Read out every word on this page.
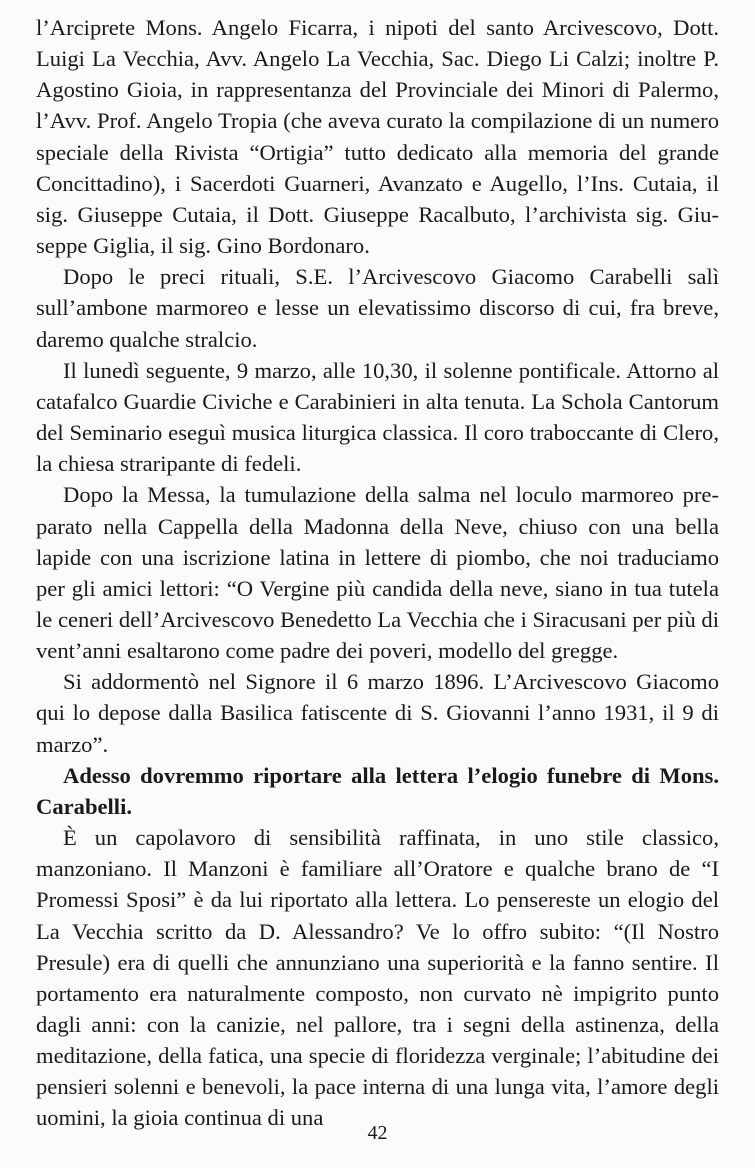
l’Arciprete Mons. Angelo Ficarra, i nipoti del santo Arcivescovo, Dott. Luigi La Vecchia, Avv. Angelo La Vecchia, Sac. Diego Li Calzi; inoltre P. Agostino Gioia, in rappresentanza del Provinciale dei Minori di Palermo, l’Avv. Prof. Angelo Tropia (che aveva curato la compilazione di un numero speciale della Rivista “Ortigia” tutto dedicato alla memoria del grande Concittadino), i Sacerdoti Guarneri, Avanzato e Augello, l’Ins. Cutaia, il sig. Giuseppe Cutaia, il Dott. Giuseppe Racalbuto, l’archivista sig. Giuseppe Giglia, il sig. Gino Bordonaro.

Dopo le preci rituali, S.E. l’Arcivescovo Giacomo Carabelli salì sull’ambone marmoreo e lesse un elevatissimo discorso di cui, fra breve, daremo qualche stralcio.

Il lunedì seguente, 9 marzo, alle 10,30, il solenne pontificale. Attorno al catafalco Guardie Civiche e Carabinieri in alta tenuta. La Schola Cantorum del Seminario eseguì musica liturgica classica. Il coro traboccante di Clero, la chiesa straripante di fedeli.

Dopo la Messa, la tumulazione della salma nel loculo marmoreo preparato nella Cappella della Madonna della Neve, chiuso con una bella lapide con una iscrizione latina in lettere di piombo, che noi traduciamo per gli amici lettori: “O Vergine più candida della neve, siano in tua tutela le ceneri dell’Arcivescovo Benedetto La Vecchia che i Siracusani per più di vent’anni esaltarono come padre dei poveri, modello del gregge.

Si addormentò nel Signore il 6 marzo 1896. L’Arcivescovo Giacomo qui lo depose dalla Basilica fatiscente di S. Giovanni l’anno 1931, il 9 di marzo”.

Adesso dovremmo riportare alla lettera l’elogio funebre di Mons. Carabelli.

È un capolavoro di sensibilità raffinata, in uno stile classico, manzoniano. Il Manzoni è familiare all’Oratore e qualche brano de “I Promessi Sposi” è da lui riportato alla lettera. Lo pensereste un elogio del La Vecchia scritto da D. Alessandro? Ve lo offro subito: “(Il Nostro Presule) era di quelli che annunziano una superiorità e la fanno sentire. Il portamento era naturalmente composto, non curvato nè impigrito punto dagli anni: con la canizie, nel pallore, tra i segni della astinenza, della meditazione, della fatica, una specie di floridezza verginale; l’abitudine dei pensieri solenni e benevoli, la pace interna di una lunga vita, l’amore degli uomini, la gioia continua di una

42
